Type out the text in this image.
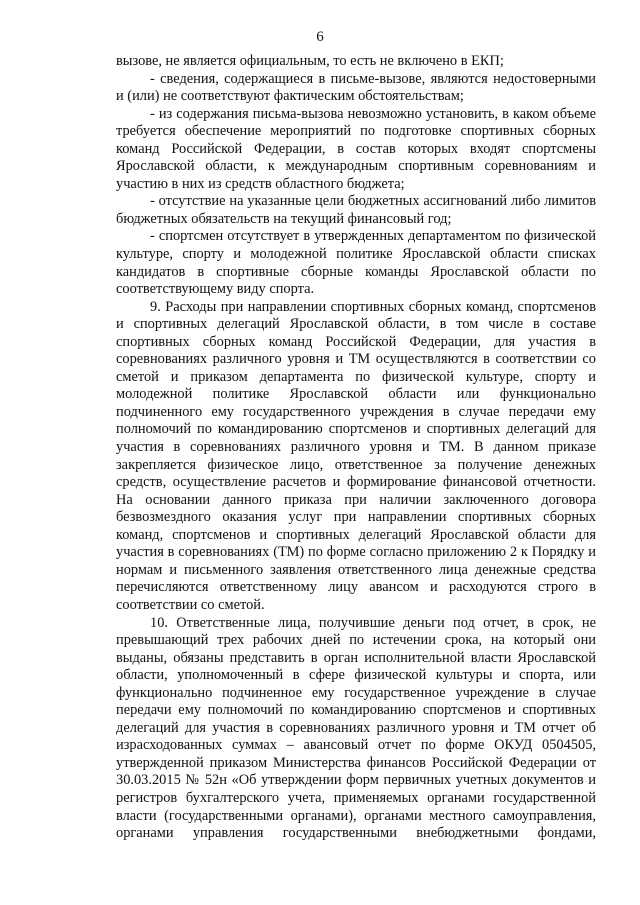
6

вызове, не является официальным, то есть не включено в ЕКП;

- сведения, содержащиеся в письме-вызове, являются недостоверными и (или) не соответствуют фактическим обстоятельствам;

- из содержания письма-вызова невозможно установить, в каком объеме требуется обеспечение мероприятий по подготовке спортивных сборных команд Российской Федерации, в состав которых входят спортсмены Ярославской области, к международным спортивным соревнованиям и участию в них из средств областного бюджета;

- отсутствие на указанные цели бюджетных ассигнований либо лимитов бюджетных обязательств на текущий финансовый год;

- спортсмен отсутствует в утвержденных департаментом по физической культуре, спорту и молодежной политике Ярославской области списках кандидатов в спортивные сборные команды Ярославской области по соответствующему виду спорта.

9. Расходы при направлении спортивных сборных команд, спортсменов и спортивных делегаций Ярославской области, в том числе в составе спортивных сборных команд Российской Федерации, для участия в соревнованиях различного уровня и ТМ осуществляются в соответствии со сметой и приказом департамента по физической культуре, спорту и молодежной политике Ярославской области или функционально подчиненного ему государственного учреждения в случае передачи ему полномочий по командированию спортсменов и спортивных делегаций для участия в соревнованиях различного уровня и ТМ. В данном приказе закрепляется физическое лицо, ответственное за получение денежных средств, осуществление расчетов и формирование финансовой отчетности. На основании данного приказа при наличии заключенного договора безвозмездного оказания услуг при направлении спортивных сборных команд, спортсменов и спортивных делегаций Ярославской области для участия в соревнованиях (ТМ) по форме согласно приложению 2 к Порядку и нормам и письменного заявления ответственного лица денежные средства перечисляются ответственному лицу авансом и расходуются строго в соответствии со сметой.

10. Ответственные лица, получившие деньги под отчет, в срок, не превышающий трех рабочих дней по истечении срока, на который они выданы, обязаны представить в орган исполнительной власти Ярославской области, уполномоченный в сфере физической культуры и спорта, или функционально подчиненное ему государственное учреждение в случае передачи ему полномочий по командированию спортсменов и спортивных делегаций для участия в соревнованиях различного уровня и ТМ отчет об израсходованных суммах – авансовый отчет по форме ОКУД 0504505, утвержденной приказом Министерства финансов Российской Федерации от 30.03.2015 № 52н «Об утверждении форм первичных учетных документов и регистров бухгалтерского учета, применяемых органами государственной власти (государственными органами), органами местного самоуправления, органами управления государственными внебюджетными фондами,
